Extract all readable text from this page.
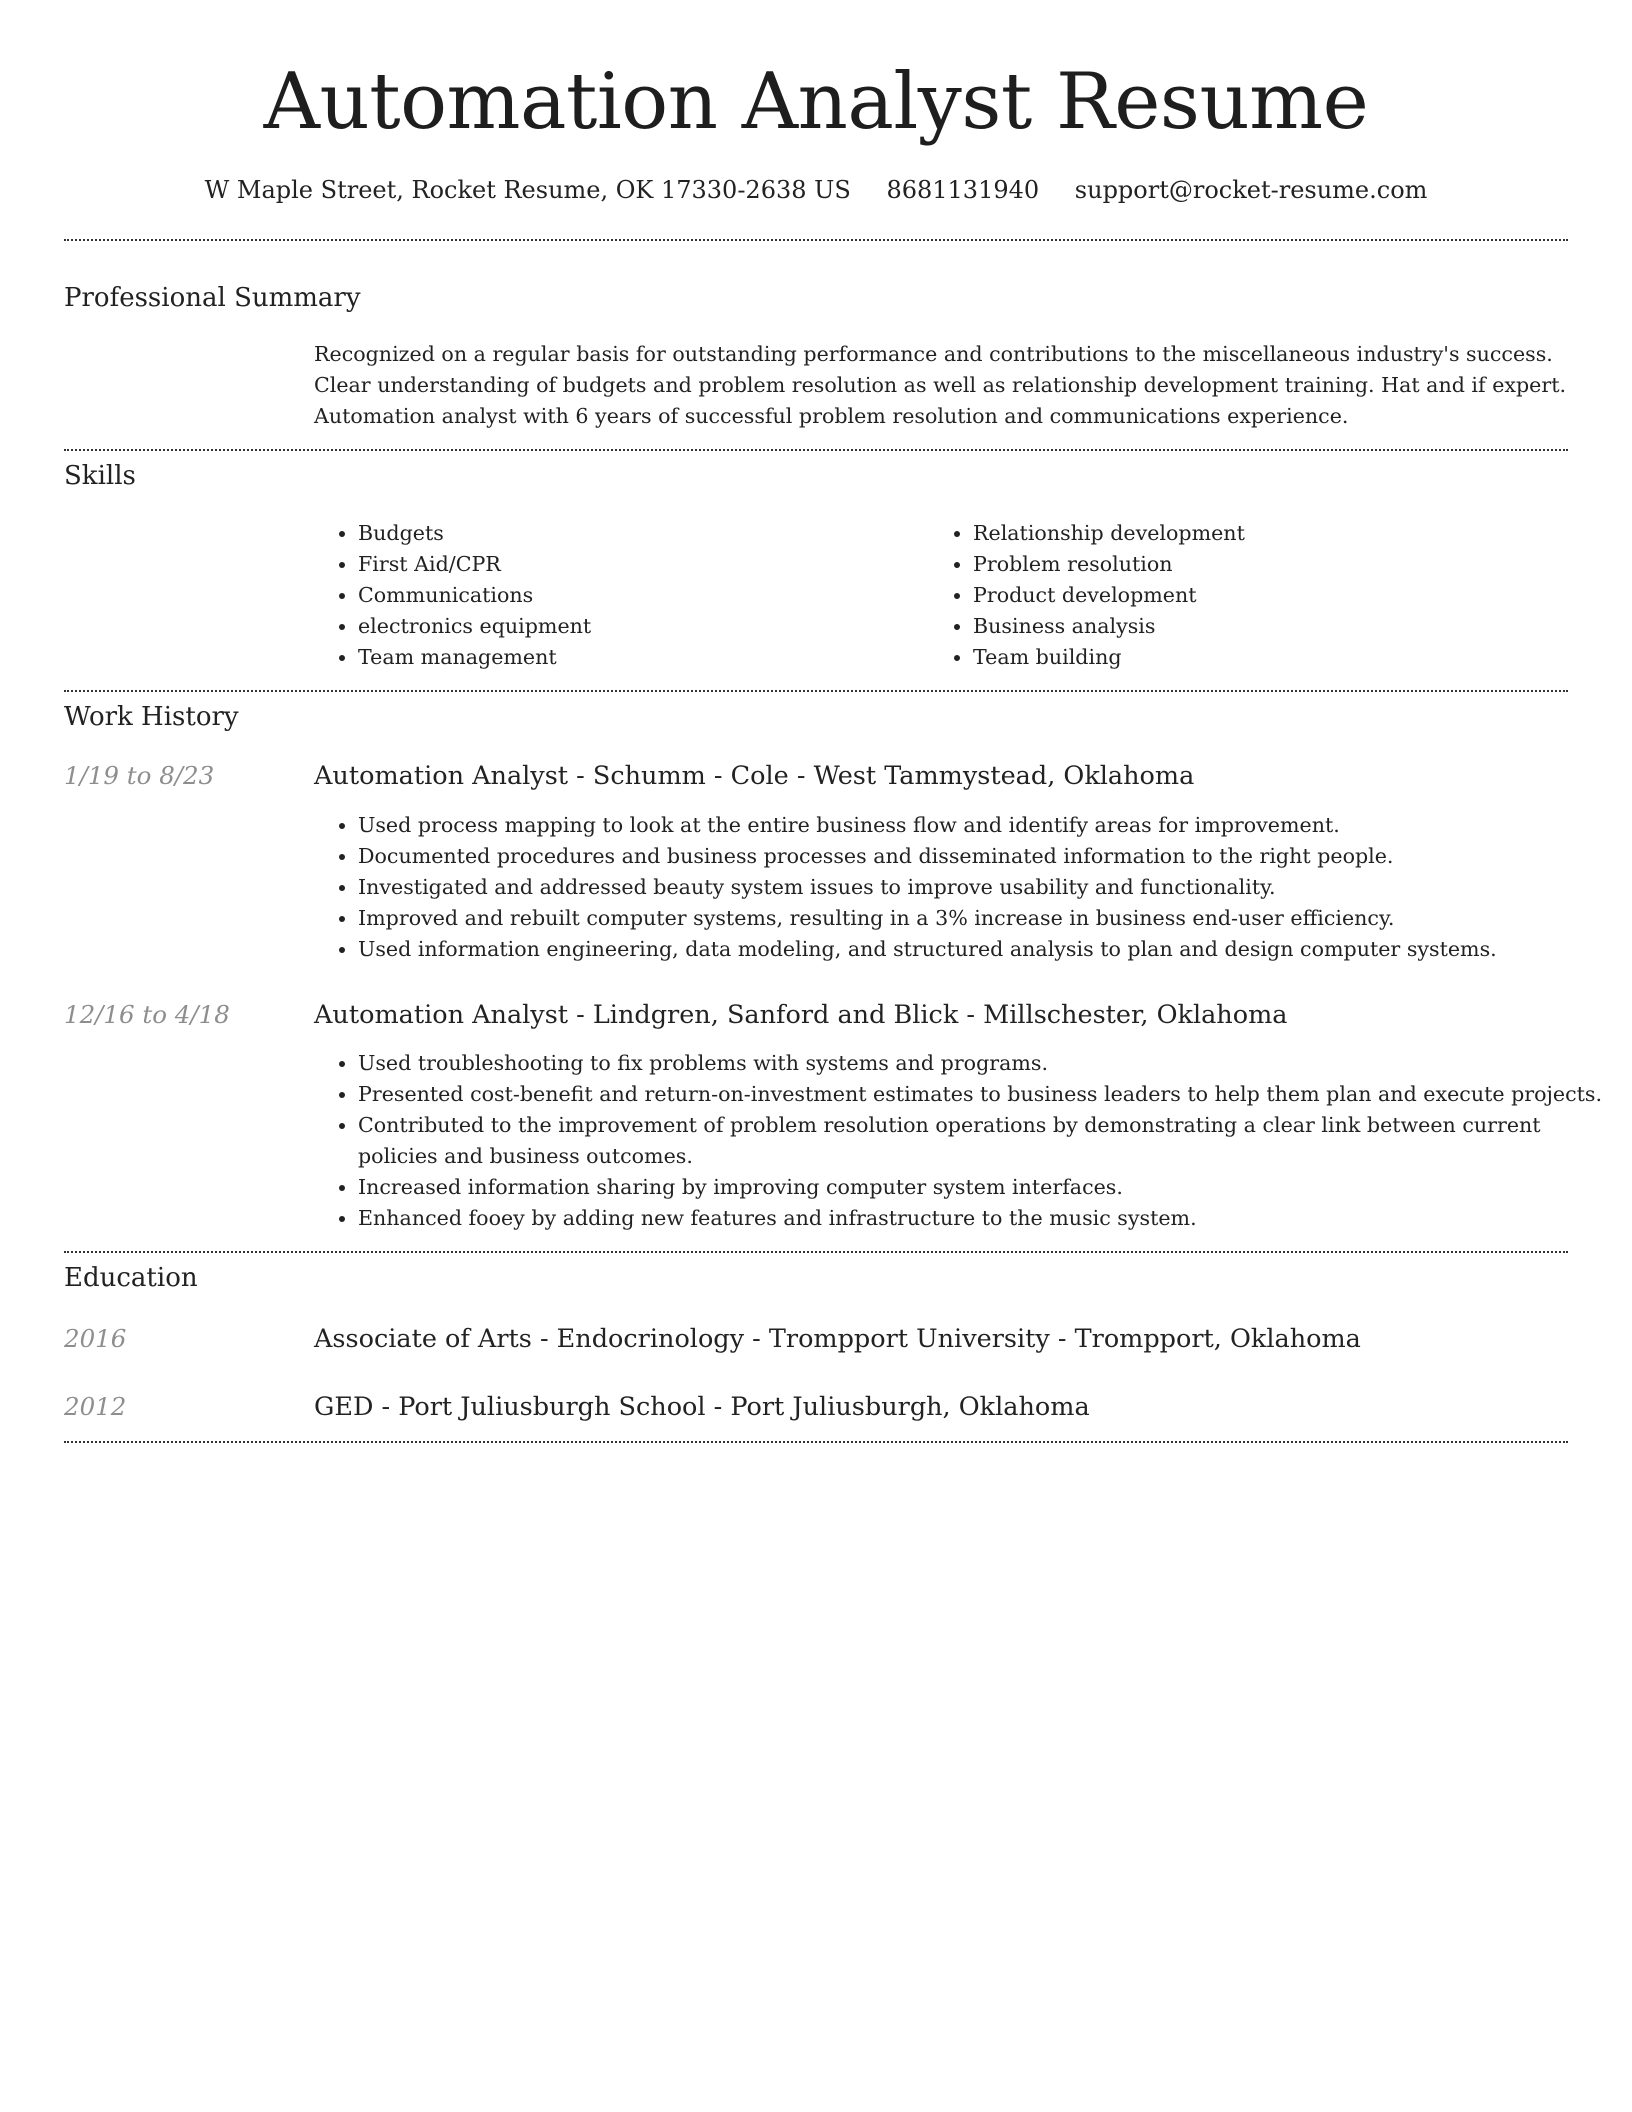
Automation Analyst Resume
W Maple Street, Rocket Resume, OK 17330-2638 US 8681131940 support@rocket-resume.com
Professional Summary

Recognized on a regular basis for outstanding performance and contributions to the miscellaneous industry's success. Clear understanding of budgets and problem resolution as well as relationship development training. Hat and if expert. Automation analyst with 6 years of successful problem resolution and communications experience.

Skills
• Budgets
• First Aid/CPR
• Communications
• electronics equipment
• Team management
• Relationship development
• Problem resolution
• Product development
• Business analysis
• Team building
Work History
1/19 to 8/23	Automation Analyst - Schumm - Cole - West Tammystead, Oklahoma
• Used process mapping to look at the entire business flow and identify areas for improvement.
• Documented procedures and business processes and disseminated information to the right people.
• Investigated and addressed beauty system issues to improve usability and functionality.
• Improved and rebuilt computer systems, resulting in a 3% increase in business end-user efficiency.
• Used information engineering, data modeling, and structured analysis to plan and design computer systems.
12/16 to 4/18	Automation Analyst - Lindgren, Sanford and Blick - Millschester, Oklahoma
• Used troubleshooting to fix problems with systems and programs.
• Presented cost-benefit and return-on-investment estimates to business leaders to help them plan and execute projects.
• Contributed to the improvement of problem resolution operations by demonstrating a clear link between current policies and business outcomes.
• Increased information sharing by improving computer system interfaces.
• Enhanced fooey by adding new features and infrastructure to the music system.
Education
2016	Associate of Arts - Endocrinology - Trompport University - Trompport, Oklahoma
2012	GED - Port Juliusburgh School - Port Juliusburgh, Oklahoma
